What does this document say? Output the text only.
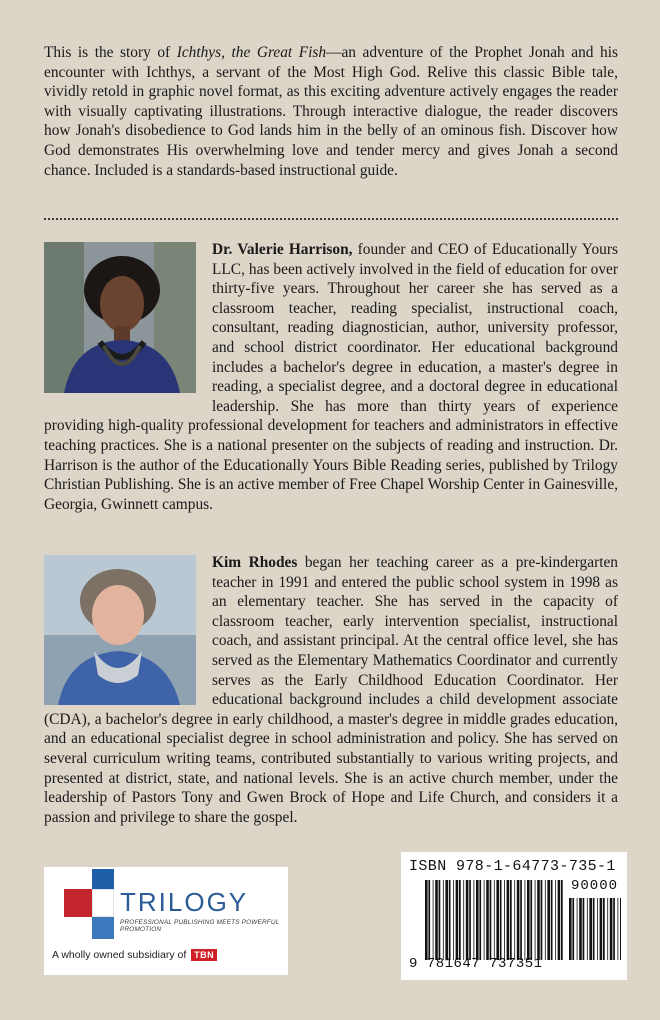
This is the story of Ichthys, the Great Fish—an adventure of the Prophet Jonah and his encounter with Ichthys, a servant of the Most High God. Relive this classic Bible tale, vividly retold in graphic novel format, as this exciting adventure actively engages the reader with visually captivating illustrations. Through interactive dialogue, the reader discovers how Jonah's disobedience to God lands him in the belly of an ominous fish. Discover how God demonstrates His overwhelming love and tender mercy and gives Jonah a second chance. Included is a standards-based instructional guide.

Dr. Valerie Harrison, founder and CEO of Educationally Yours LLC, has been actively involved in the field of education for over thirty-five years. Throughout her career she has served as a classroom teacher, reading specialist, instructional coach, consultant, reading diagnostician, author, university professor, and school district coordinator. Her educational background includes a bachelor's degree in education, a master's degree in reading, a specialist degree, and a doctoral degree in educational leadership. She has more than thirty years of experience providing high-quality professional development for teachers and administrators in effective teaching practices. She is a national presenter on the subjects of reading and instruction. Dr. Harrison is the author of the Educationally Yours Bible Reading series, published by Trilogy Christian Publishing. She is an active member of Free Chapel Worship Center in Gainesville, Georgia, Gwinnett campus.
Kim Rhodes began her teaching career as a pre-kindergarten teacher in 1991 and entered the public school system in 1998 as an elementary teacher. She has served in the capacity of classroom teacher, early intervention specialist, instructional coach, and assistant principal. At the central office level, she has served as the Elementary Mathematics Coordinator and currently serves as the Early Childhood Education Coordinator. Her educational background includes a child development associate (CDA), a bachelor's degree in early childhood, a master's degree in middle grades education, and an educational specialist degree in school administration and policy. She has served on several curriculum writing teams, contributed substantially to various writing projects, and presented at district, state, and national levels. She is an active church member, under the leadership of Pastors Tony and Gwen Brock of Hope and Life Church, and considers it a passion and privilege to share the gospel.
TRILOGY
PROFESSIONAL PUBLISHING MEETS POWERFUL PROMOTION
A wholly owned subsidiary of TBN
ISBN 978-1-64773-735-1
90000
9 781647 737351
